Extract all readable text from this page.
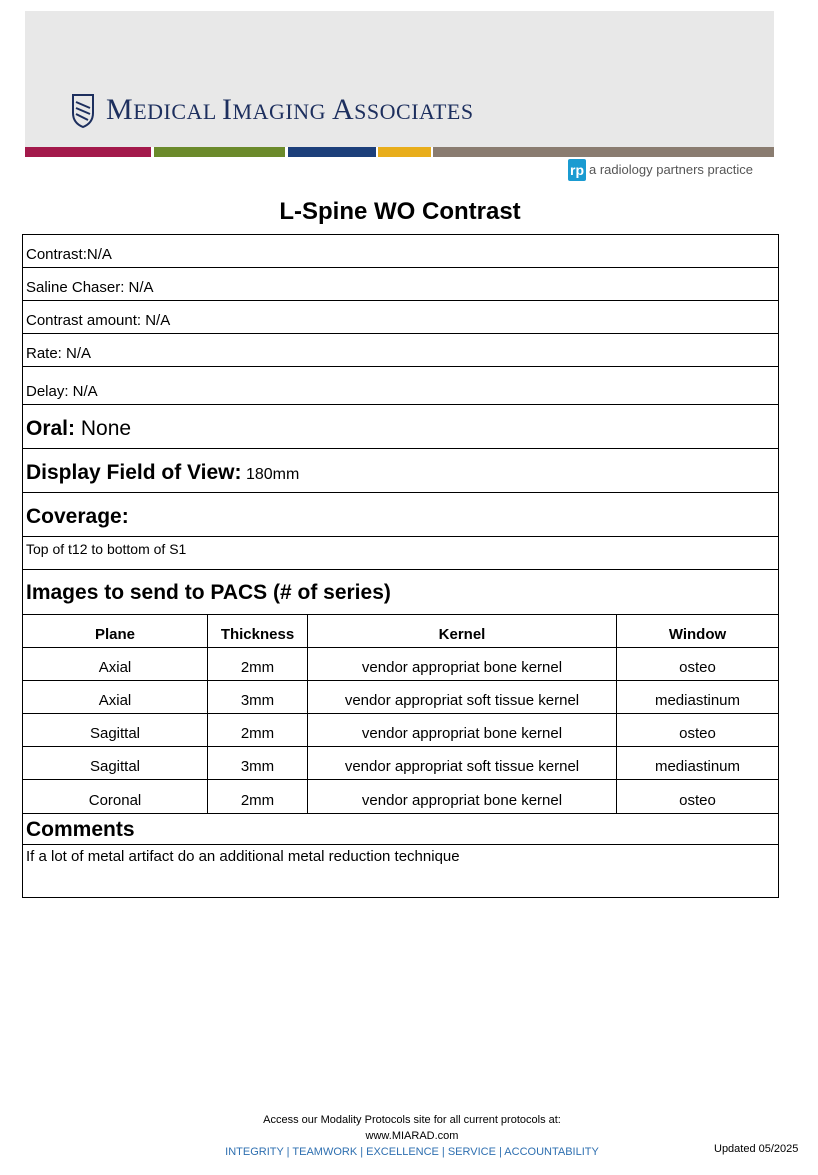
MEDICAL IMAGING ASSOCIATES
rp a radiology partners practice
L-Spine WO Contrast
Contrast:N/A
Saline Chaser: N/A
Contrast amount: N/A
Rate: N/A
Delay: N/A
Oral: None
Display Field of View: 180mm
Coverage:
Top of t12 to bottom of S1
Images to send to PACS (# of series)
Plane	Thickness	Kernel	Window
Axial	2mm	vendor appropriat bone kernel	osteo
Axial	3mm	vendor appropriat soft tissue kernel	mediastinum
Sagittal	2mm	vendor appropriat bone kernel	osteo
Sagittal	3mm	vendor appropriat soft tissue kernel	mediastinum
Coronal	2mm	vendor appropriat bone kernel	osteo
Comments
If a lot of metal artifact do an additional metal reduction technique
Access our Modality Protocols site for all current protocols at:
www.MIARAD.com
INTEGRITY | TEAMWORK | EXCELLENCE | SERVICE | ACCOUNTABILITY	Updated 05/2025
